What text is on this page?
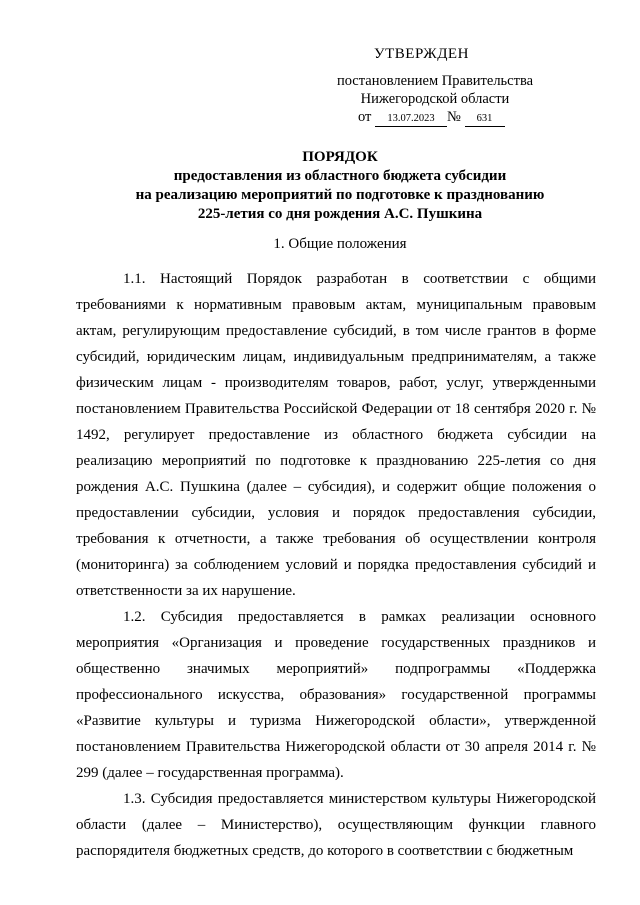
УТВЕРЖДЕН
постановлением Правительства
Нижегородской области
от 13.07.2023 № 631
ПОРЯДОК
предоставления из областного бюджета субсидии
на реализацию мероприятий по подготовке к празднованию
225-летия со дня рождения А.С. Пушкина
1. Общие положения

1.1. Настоящий Порядок разработан в соответствии с общими требованиями к нормативным правовым актам, муниципальным правовым актам, регулирующим предоставление субсидий, в том числе грантов в форме субсидий, юридическим лицам, индивидуальным предпринимателям, а также физическим лицам - производителям товаров, работ, услуг, утвержденными постановлением Правительства Российской Федерации от 18 сентября 2020 г. № 1492, регулирует предоставление из областного бюджета субсидии на реализацию мероприятий по подготовке к празднованию 225-летия со дня рождения А.С. Пушкина (далее – субсидия), и содержит общие положения о предоставлении субсидии, условия и порядок предоставления субсидии, требования к отчетности, а также требования об осуществлении контроля (мониторинга) за соблюдением условий и порядка предоставления субсидий и ответственности за их нарушение.

1.2. Субсидия предоставляется в рамках реализации основного мероприятия «Организация и проведение государственных праздников и общественно значимых мероприятий» подпрограммы «Поддержка профессионального искусства, образования» государственной программы «Развитие культуры и туризма Нижегородской области», утвержденной постановлением Правительства Нижегородской области от 30 апреля 2014 г. № 299 (далее – государственная программа).

1.3. Субсидия предоставляется министерством культуры Нижегородской области (далее – Министерство), осуществляющим функции главного распорядителя бюджетных средств, до которого в соответствии с бюджетным
